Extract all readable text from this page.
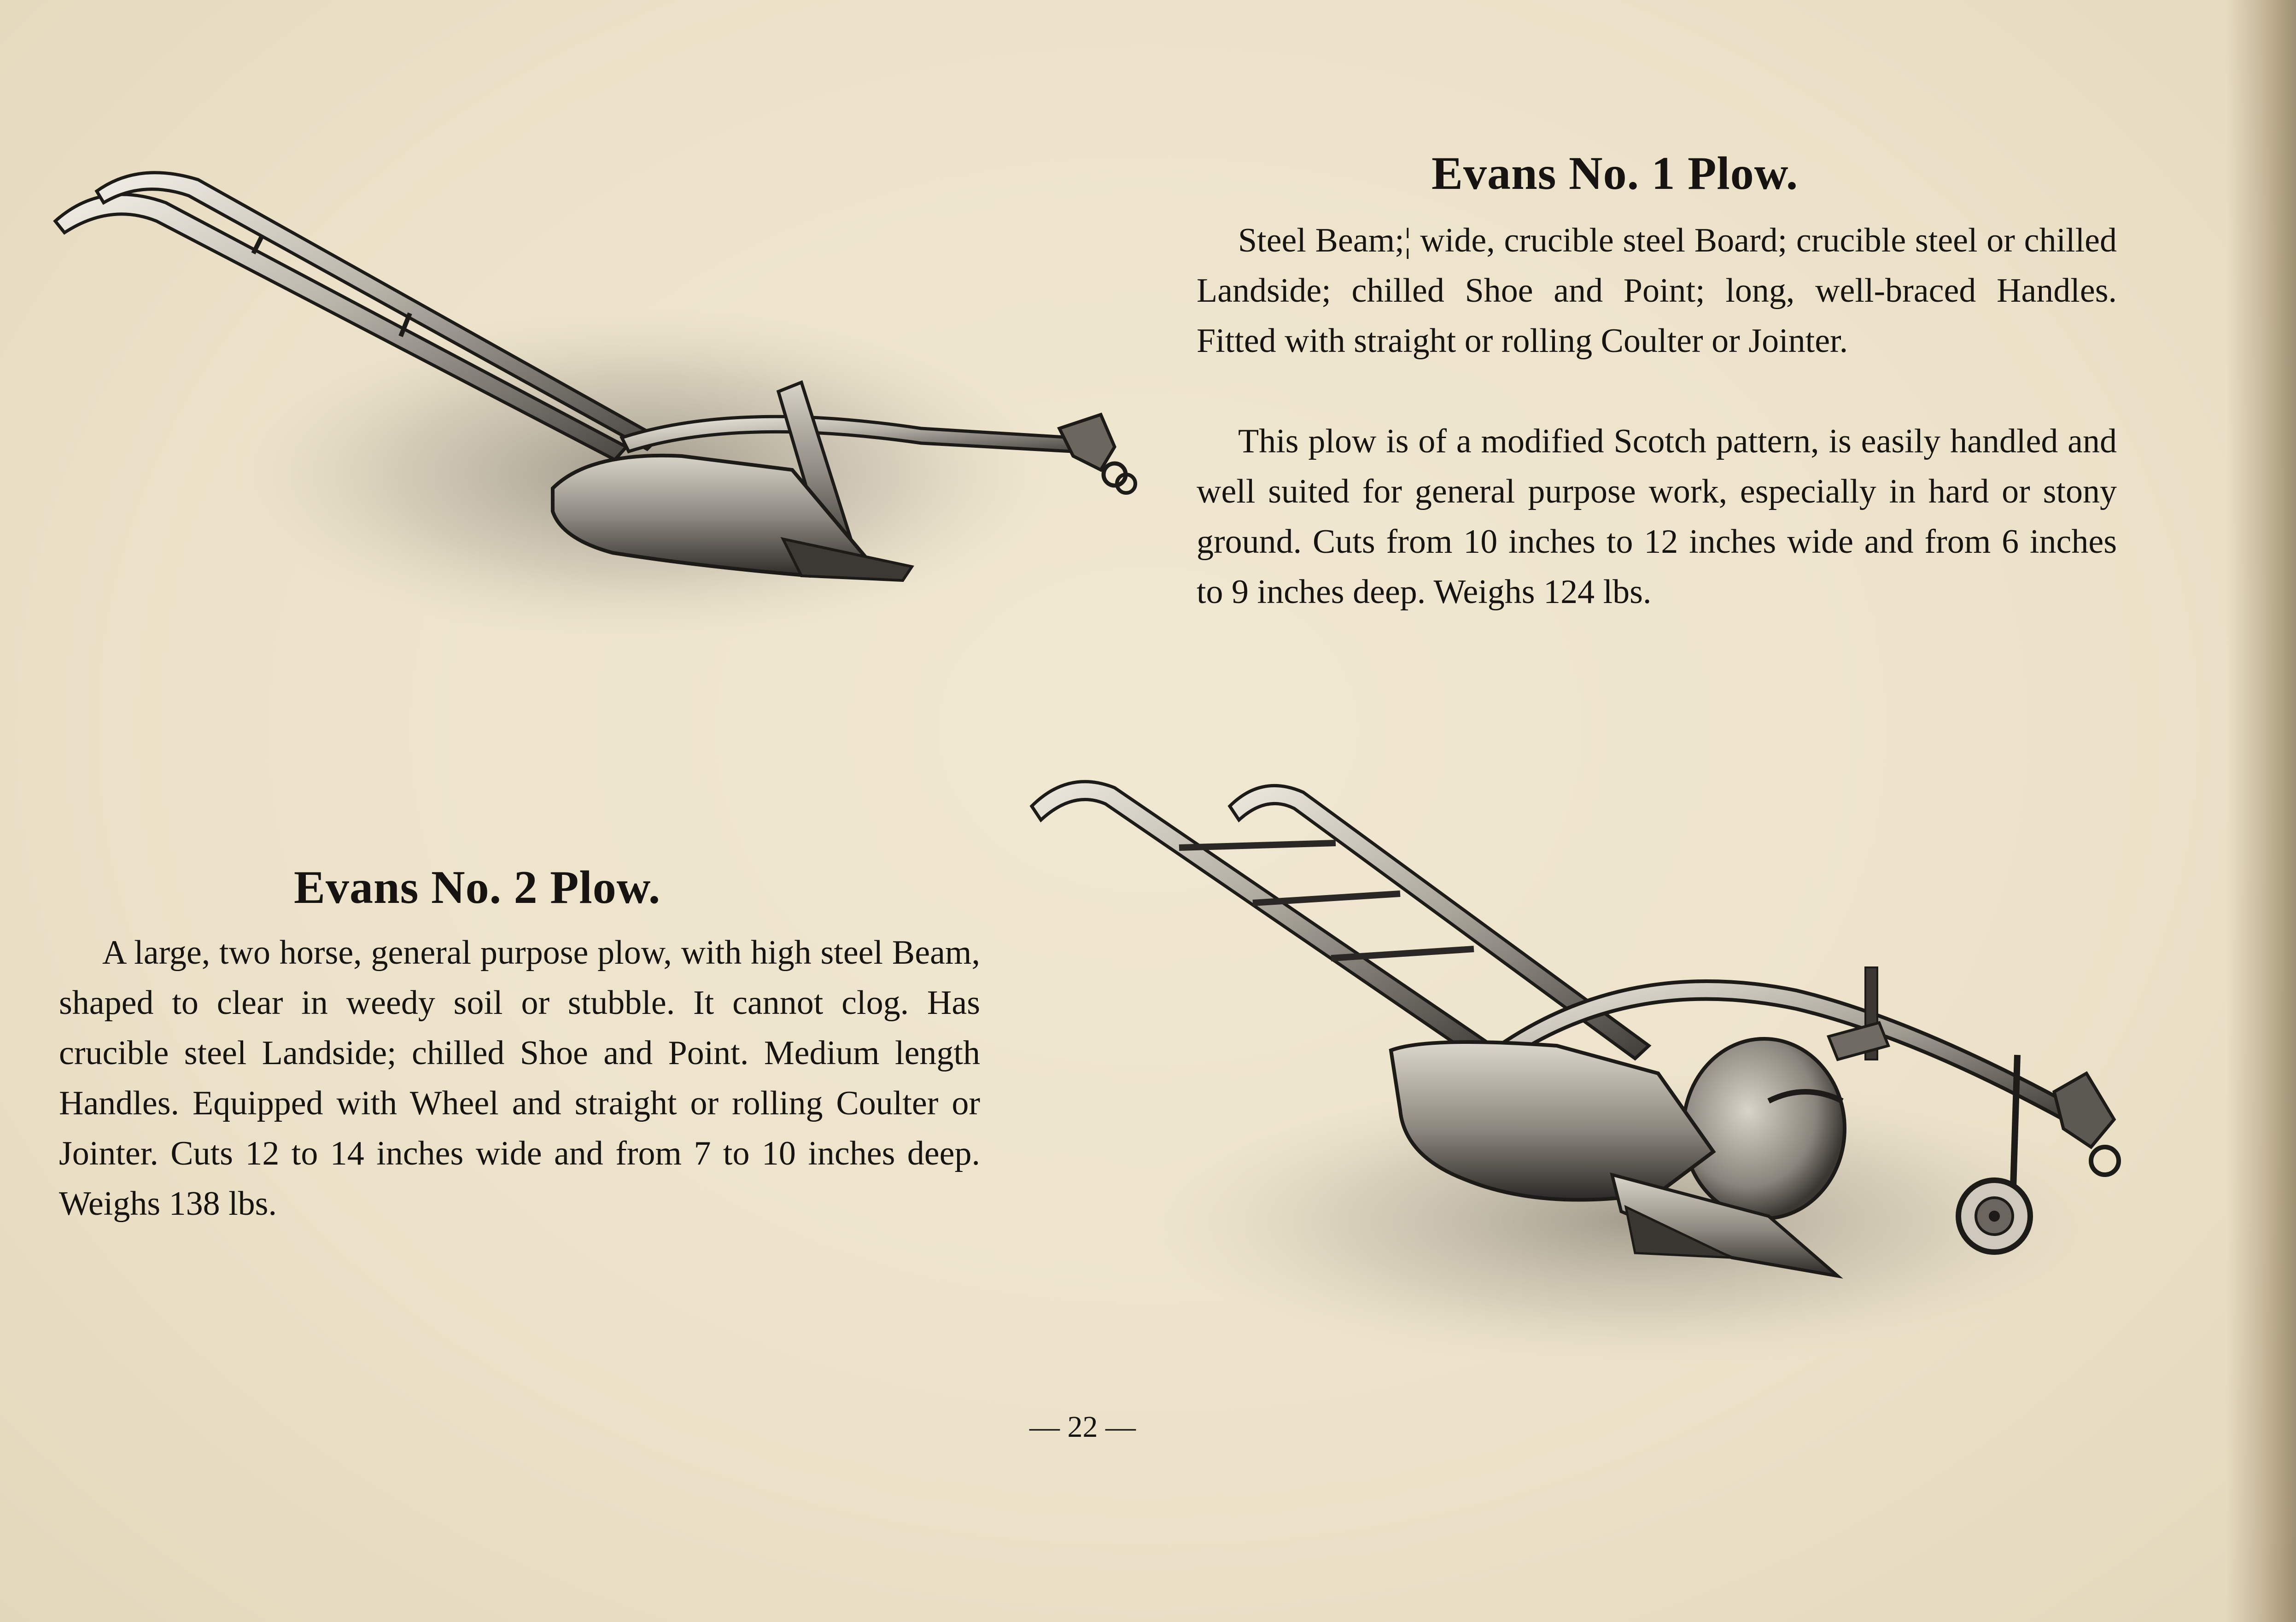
Evans No. 1 Plow.

Steel Beam;¦ wide, crucible steel Board; crucible steel or chilled Landside; chilled Shoe and Point; long, well-braced Handles. Fitted with straight or rolling Coulter or Jointer.

This plow is of a modified Scotch pattern, is easily handled and well suited for general purpose work, especially in hard or stony ground. Cuts from 10 inches to 12 inches wide and from 6 inches to 9 inches deep. Weighs 124 lbs.

Evans No. 2 Plow.

A large, two horse, general purpose plow, with high steel Beam, shaped to clear in weedy soil or stubble. It cannot clog. Has crucible steel Landside; chilled Shoe and Point. Medium length Handles. Equipped with Wheel and straight or rolling Coulter or Jointer. Cuts 12 to 14 inches wide and from 7 to 10 inches deep. Weighs 138 lbs.

— 22 —
